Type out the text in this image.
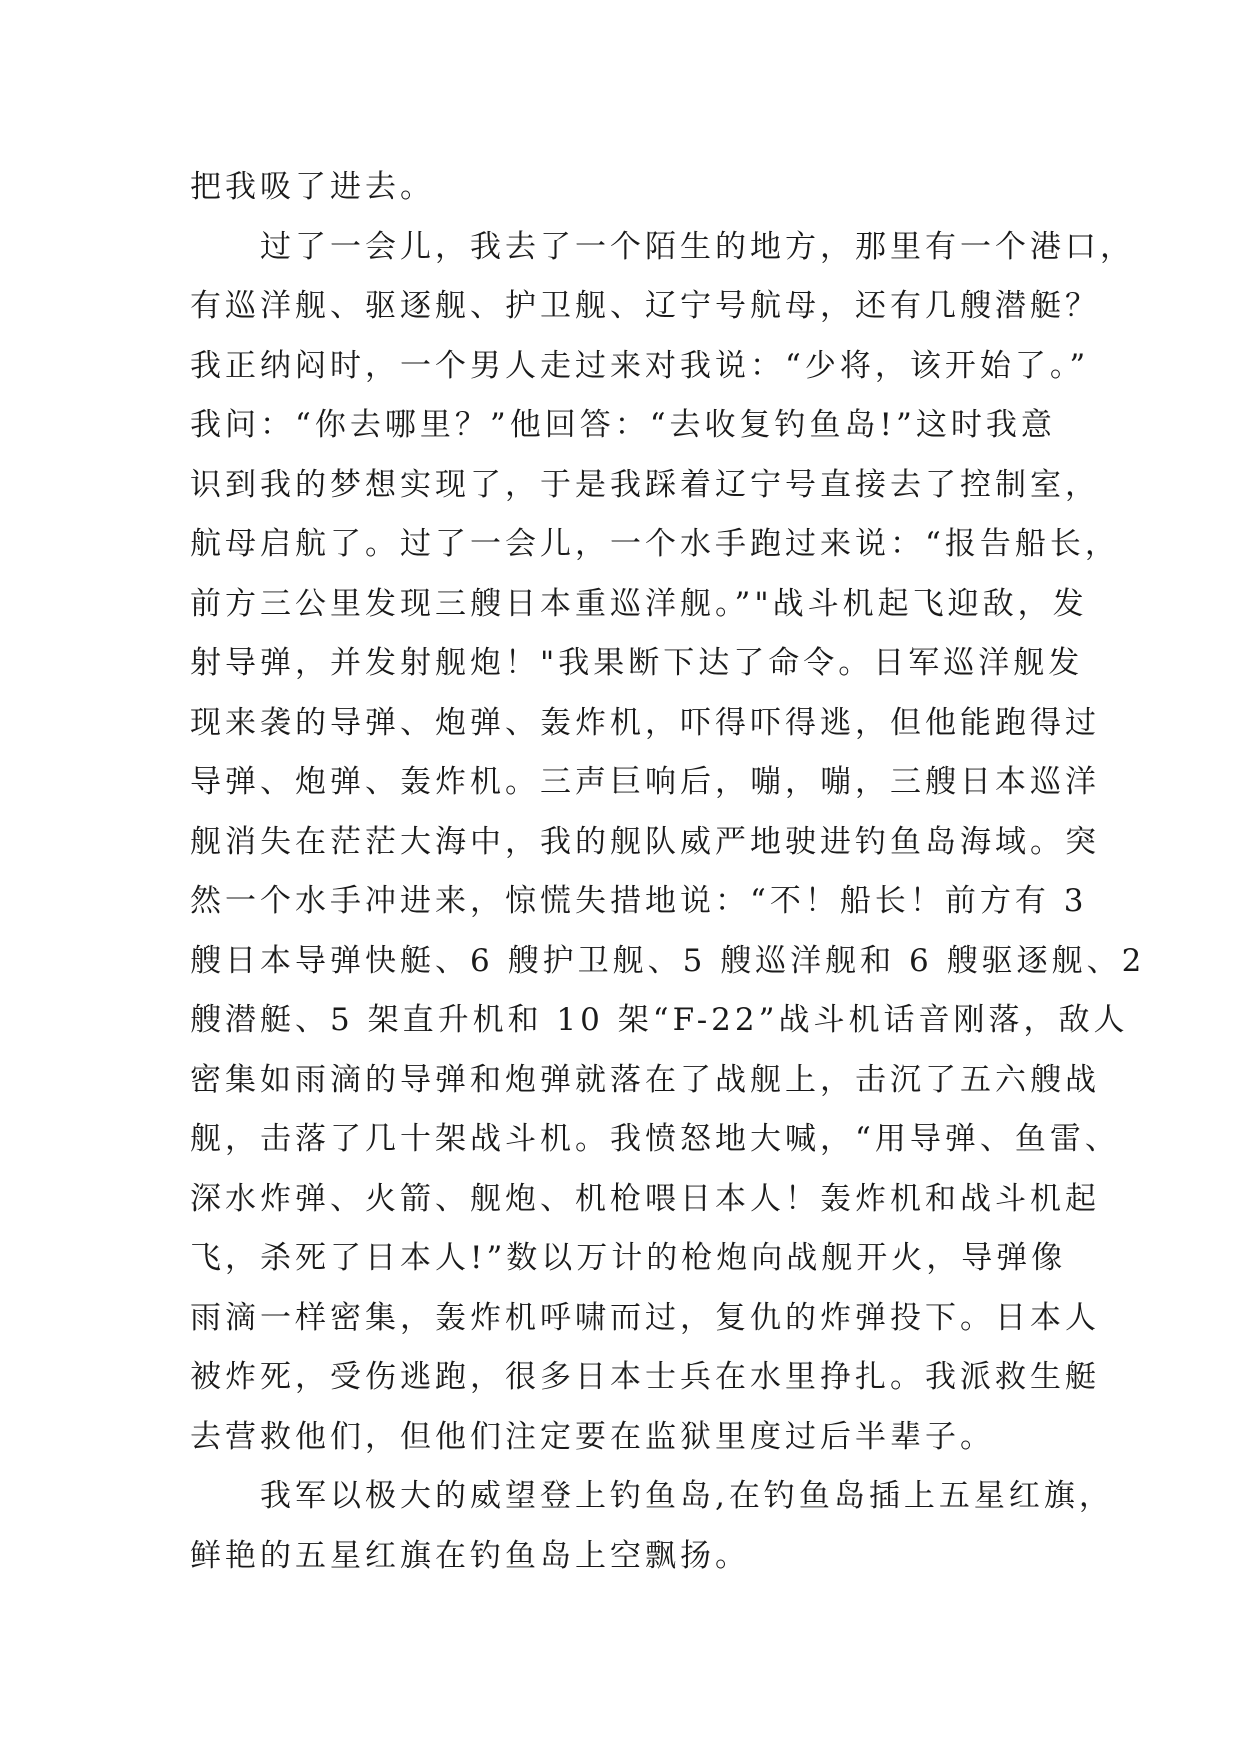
把我吸了进去。
　　过了一会儿，我去了一个陌生的地方，那里有一个港口，
有巡洋舰、驱逐舰、护卫舰、辽宁号航母，还有几艘潜艇？
我正纳闷时，一个男人走过来对我说：“少将，该开始了。”
我问：“你去哪里？”他回答：“去收复钓鱼岛!”这时我意
识到我的梦想实现了，于是我踩着辽宁号直接去了控制室，
航母启航了。过了一会儿，一个水手跑过来说：“报告船长，
前方三公里发现三艘日本重巡洋舰。”"战斗机起飞迎敌，发
射导弹，并发射舰炮！"我果断下达了命令。日军巡洋舰发
现来袭的导弹、炮弹、轰炸机，吓得吓得逃，但他能跑得过
导弹、炮弹、轰炸机。三声巨响后，嘣，嘣，三艘日本巡洋
舰消失在茫茫大海中，我的舰队威严地驶进钓鱼岛海域。突
然一个水手冲进来，惊慌失措地说：“不！船长！前方有 3
艘日本导弹快艇、6 艘护卫舰、5 艘巡洋舰和 6 艘驱逐舰、2
艘潜艇、5 架直升机和 10 架“F-22”战斗机话音刚落，敌人
密集如雨滴的导弹和炮弹就落在了战舰上，击沉了五六艘战
舰，击落了几十架战斗机。我愤怒地大喊，“用导弹、鱼雷、
深水炸弹、火箭、舰炮、机枪喂日本人！轰炸机和战斗机起
飞，杀死了日本人!”数以万计的枪炮向战舰开火，导弹像
雨滴一样密集，轰炸机呼啸而过，复仇的炸弹投下。日本人
被炸死，受伤逃跑，很多日本士兵在水里挣扎。我派救生艇
去营救他们，但他们注定要在监狱里度过后半辈子。
　　我军以极大的威望登上钓鱼岛,在钓鱼岛插上五星红旗，
鲜艳的五星红旗在钓鱼岛上空飘扬。
